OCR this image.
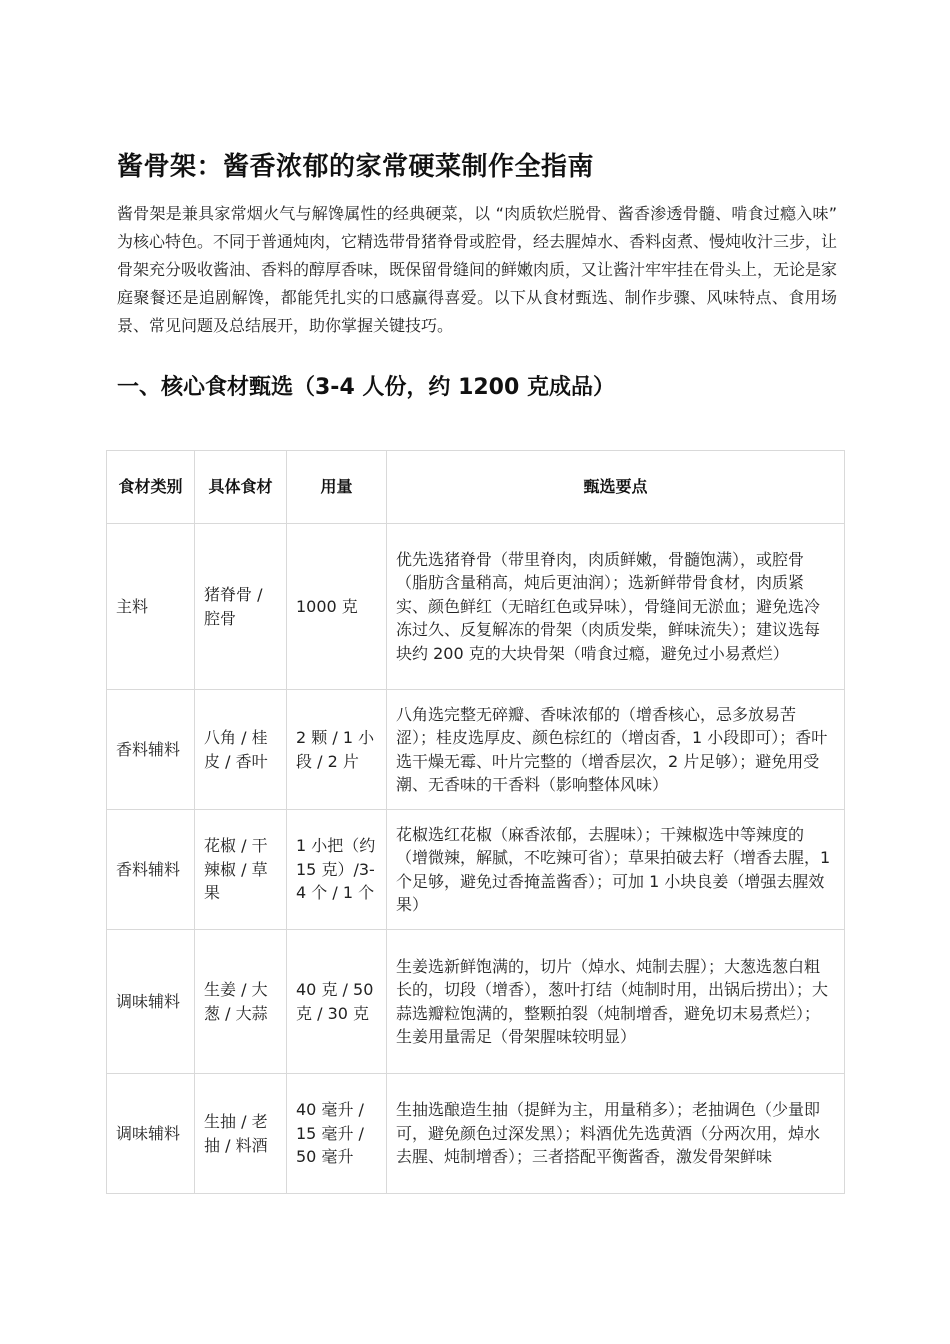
酱骨架：酱香浓郁的家常硬菜制作全指南

酱骨架是兼具家常烟火气与解馋属性的经典硬菜，以 “肉质软烂脱骨、酱香渗透骨髓、啃食过瘾入味” 为核心特色。不同于普通炖肉，它精选带骨猪脊骨或腔骨，经去腥焯水、香料卤煮、慢炖收汁三步，让骨架充分吸收酱油、香料的醇厚香味，既保留骨缝间的鲜嫩肉质，又让酱汁牢牢挂在骨头上，无论是家庭聚餐还是追剧解馋，都能凭扎实的口感赢得喜爱。以下从食材甄选、制作步骤、风味特点、食用场景、常见问题及总结展开，助你掌握关键技巧。

一、核心食材甄选（3-4 人份，约 1200 克成品）
食材类别	具体食材	用量	甄选要点
主料	猪脊骨 / 腔骨	1000 克	优先选猪脊骨（带里脊肉，肉质鲜嫩，骨髓饱满），或腔骨（脂肪含量稍高，炖后更油润）；选新鲜带骨食材，肉质紧实、颜色鲜红（无暗红色或异味），骨缝间无淤血；避免选冷冻过久、反复解冻的骨架（肉质发柴，鲜味流失）；建议选每块约 200 克的大块骨架（啃食过瘾，避免过小易煮烂）
香料辅料	八角 / 桂皮 / 香叶	2 颗 / 1 小段 / 2 片	八角选完整无碎瓣、香味浓郁的（增香核心，忌多放易苦涩）；桂皮选厚皮、颜色棕红的（增卤香，1 小段即可）；香叶选干燥无霉、叶片完整的（增香层次，2 片足够）；避免用受潮、无香味的干香料（影响整体风味）
香料辅料	花椒 / 干辣椒 / 草果	1 小把（约 15 克）/3-4 个 / 1 个	花椒选红花椒（麻香浓郁，去腥味）；干辣椒选中等辣度的（增微辣，解腻，不吃辣可省）；草果拍破去籽（增香去腥，1 个足够，避免过香掩盖酱香）；可加 1 小块良姜（增强去腥效果）
调味辅料	生姜 / 大葱 / 大蒜	40 克 / 50 克 / 30 克	生姜选新鲜饱满的，切片（焯水、炖制去腥）；大葱选葱白粗长的，切段（增香），葱叶打结（炖制时用，出锅后捞出）；大蒜选瓣粒饱满的，整颗拍裂（炖制增香，避免切末易煮烂）；生姜用量需足（骨架腥味较明显）
调味辅料	生抽 / 老抽 / 料酒	40 毫升 / 15 毫升 / 50 毫升	生抽选酿造生抽（提鲜为主，用量稍多）；老抽调色（少量即可，避免颜色过深发黑）；料酒优先选黄酒（分两次用，焯水去腥、炖制增香）；三者搭配平衡酱香，激发骨架鲜味
